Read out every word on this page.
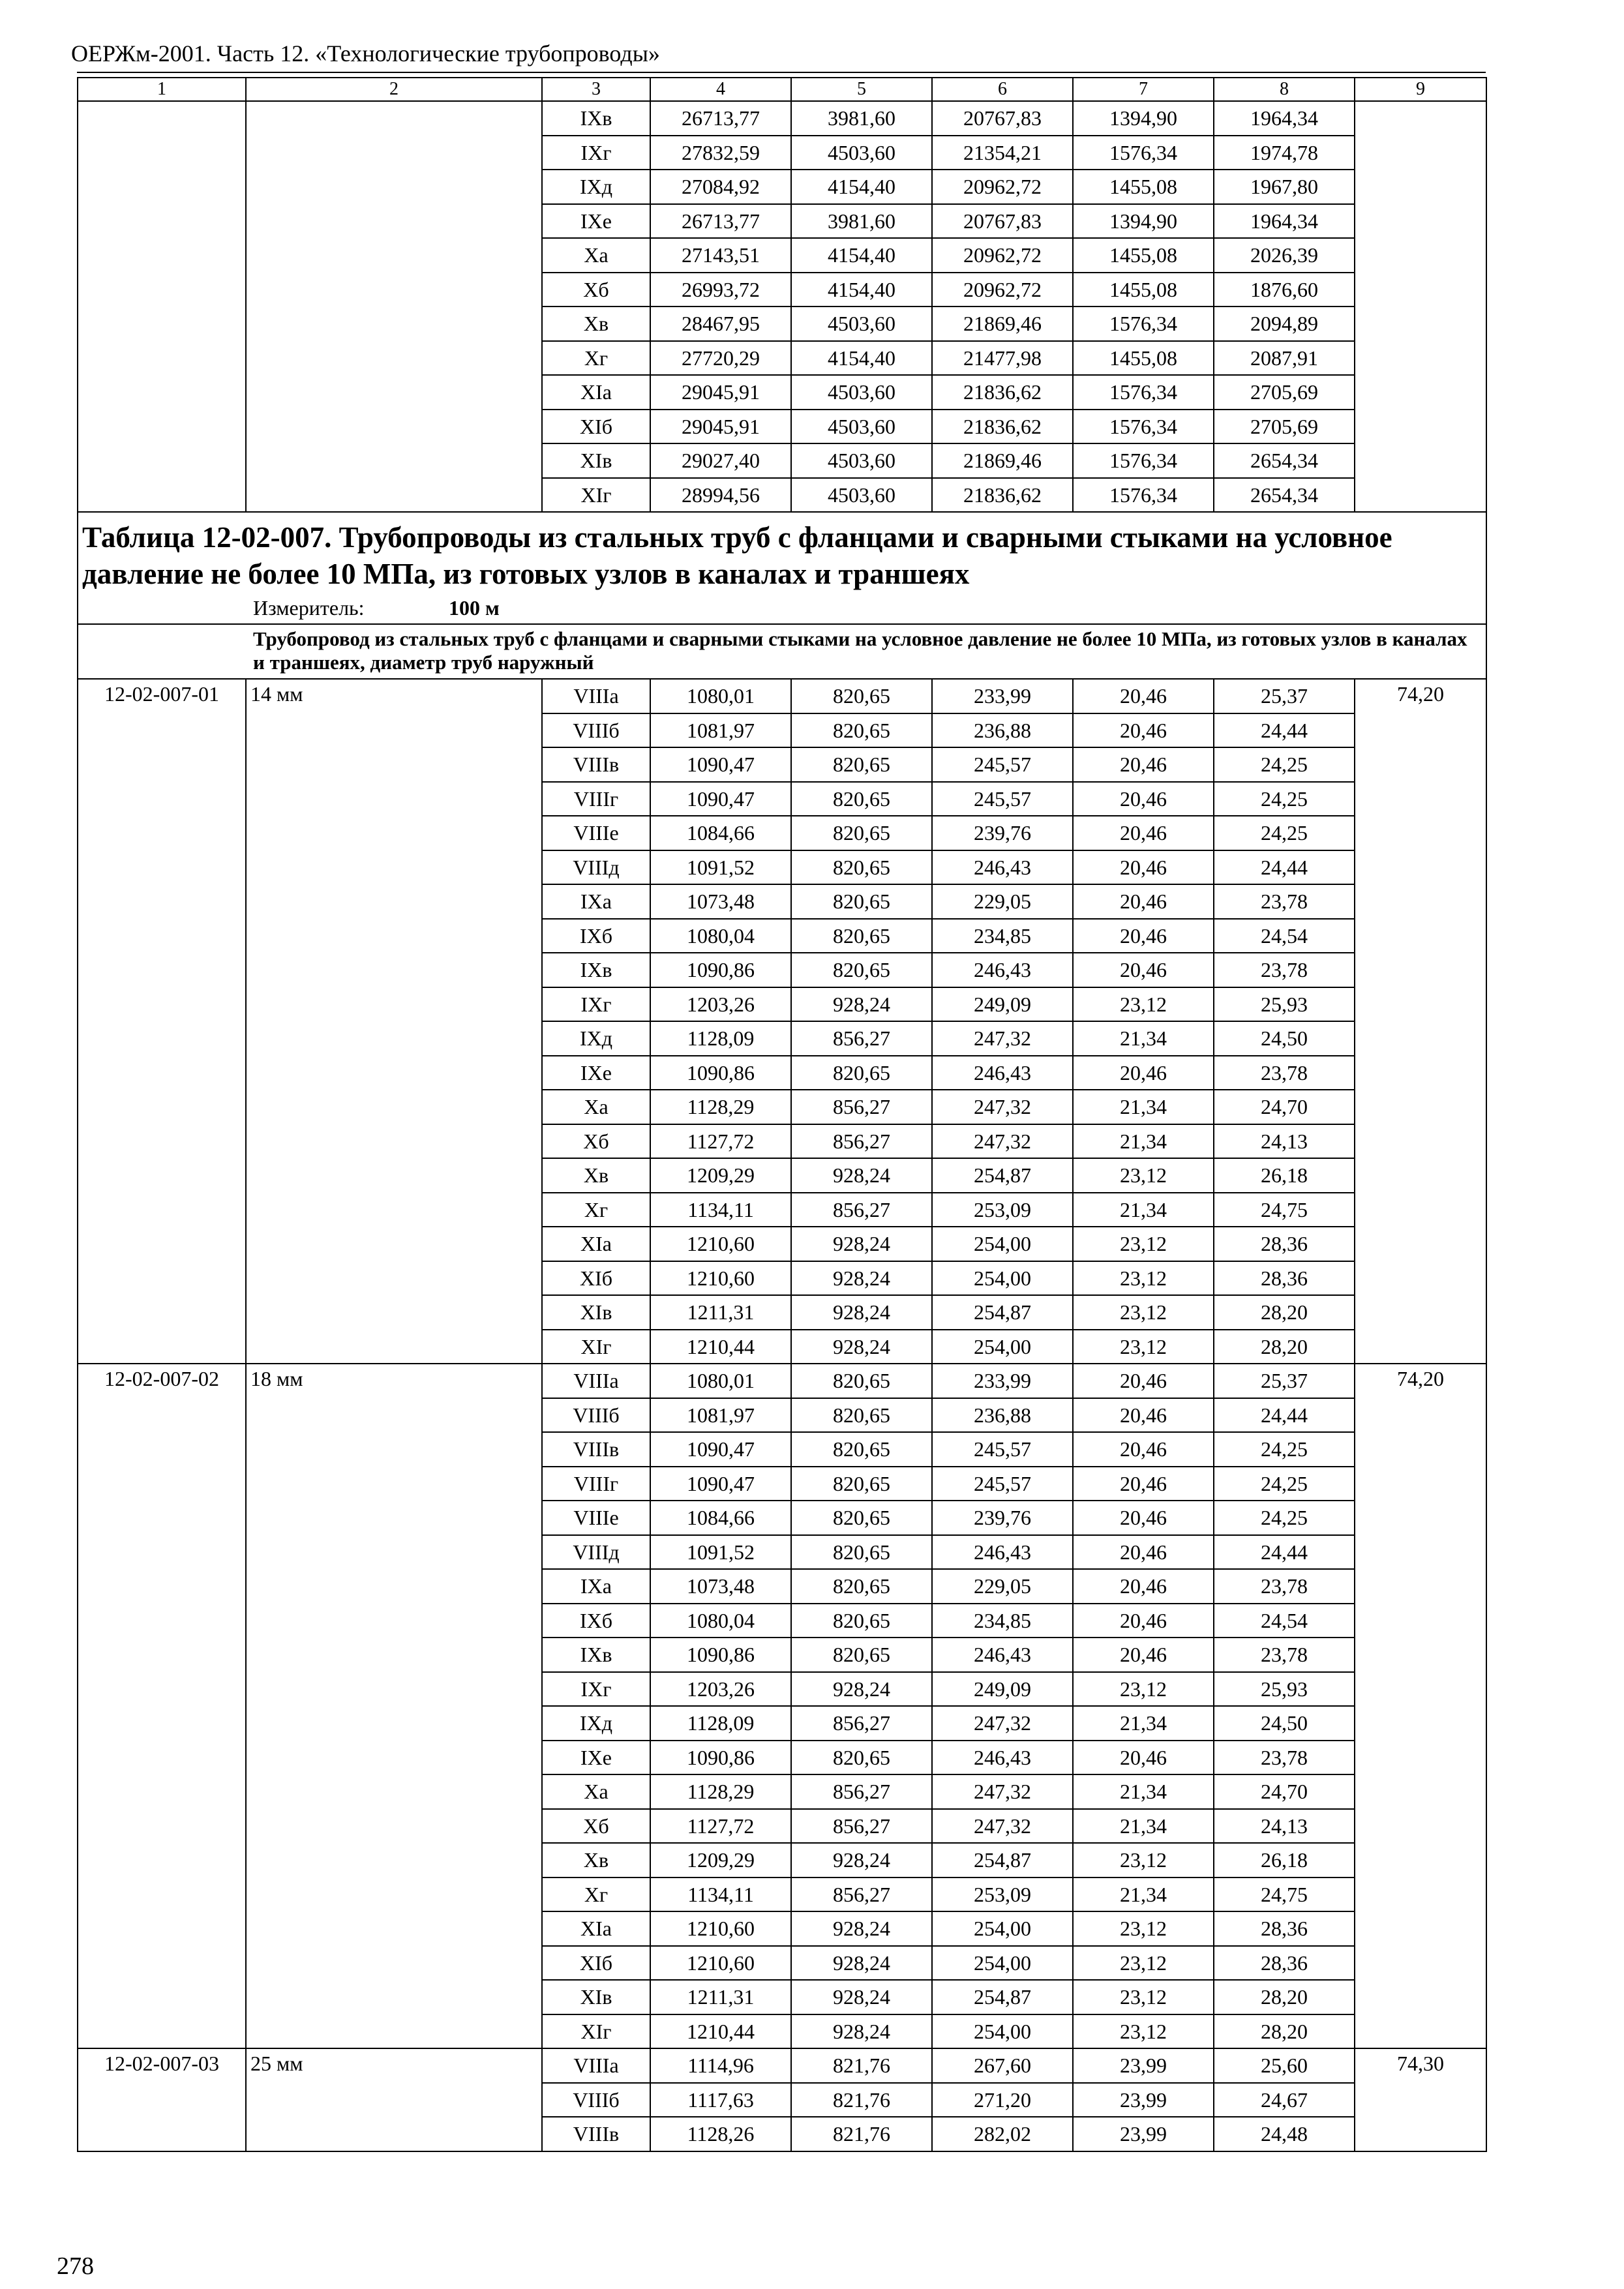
ОЕРЖм-2001. Часть 12. «Технологические трубопроводы»
1	2	3	4	5	6	7	8	9
		IXв	26713,77	3981,60	20767,83	1394,90	1964,34	
		IXг	27832,59	4503,60	21354,21	1576,34	1974,78	
		IXд	27084,92	4154,40	20962,72	1455,08	1967,80	
		IXе	26713,77	3981,60	20767,83	1394,90	1964,34	
		Xа	27143,51	4154,40	20962,72	1455,08	2026,39	
		Xб	26993,72	4154,40	20962,72	1455,08	1876,60	
		Xв	28467,95	4503,60	21869,46	1576,34	2094,89	
		Xг	27720,29	4154,40	21477,98	1455,08	2087,91	
		XIа	29045,91	4503,60	21836,62	1576,34	2705,69	
		XIб	29045,91	4503,60	21836,62	1576,34	2705,69	
		XIв	29027,40	4503,60	21869,46	1576,34	2654,34	
		XIг	28994,56	4503,60	21836,62	1576,34	2654,34	

Таблица 12-02-007. Трубопроводы из стальных труб с фланцами и сварными стыками на условное давление не более 10 МПа, из готовых узлов в каналах и траншеях
Измеритель: 100 м								

Трубопровод из стальных труб с фланцами и сварными стыками на условное давление не более 10 МПа, из готовых узлов в каналах и траншеях, диаметр труб наружный								

12-02-007-01	14 мм	VIIIа	1080,01	820,65	233,99	20,46	25,37	74,20
		VIIIб	1081,97	820,65	236,88	20,46	24,44	
		VIIIв	1090,47	820,65	245,57	20,46	24,25	
		VIIIг	1090,47	820,65	245,57	20,46	24,25	
		VIIIе	1084,66	820,65	239,76	20,46	24,25	
		VIIIд	1091,52	820,65	246,43	20,46	24,44	
		IXа	1073,48	820,65	229,05	20,46	23,78	
		IXб	1080,04	820,65	234,85	20,46	24,54	
		IXв	1090,86	820,65	246,43	20,46	23,78	
		IXг	1203,26	928,24	249,09	23,12	25,93	
		IXд	1128,09	856,27	247,32	21,34	24,50	
		IXе	1090,86	820,65	246,43	20,46	23,78	
		Xа	1128,29	856,27	247,32	21,34	24,70	
		Xб	1127,72	856,27	247,32	21,34	24,13	
		Xв	1209,29	928,24	254,87	23,12	26,18	
		Xг	1134,11	856,27	253,09	21,34	24,75	
		XIа	1210,60	928,24	254,00	23,12	28,36	
		XIб	1210,60	928,24	254,00	23,12	28,36	
		XIв	1211,31	928,24	254,87	23,12	28,20	
		XIг	1210,44	928,24	254,00	23,12	28,20	
12-02-007-02	18 мм	VIIIа	1080,01	820,65	233,99	20,46	25,37	74,20
		VIIIб	1081,97	820,65	236,88	20,46	24,44	
		VIIIв	1090,47	820,65	245,57	20,46	24,25	
		VIIIг	1090,47	820,65	245,57	20,46	24,25	
		VIIIе	1084,66	820,65	239,76	20,46	24,25	
		VIIIд	1091,52	820,65	246,43	20,46	24,44	
		IXа	1073,48	820,65	229,05	20,46	23,78	
		IXб	1080,04	820,65	234,85	20,46	24,54	
		IXв	1090,86	820,65	246,43	20,46	23,78	
		IXг	1203,26	928,24	249,09	23,12	25,93	
		IXд	1128,09	856,27	247,32	21,34	24,50	
		IXе	1090,86	820,65	246,43	20,46	23,78	
		Xа	1128,29	856,27	247,32	21,34	24,70	
		Xб	1127,72	856,27	247,32	21,34	24,13	
		Xв	1209,29	928,24	254,87	23,12	26,18	
		Xг	1134,11	856,27	253,09	21,34	24,75	
		XIа	1210,60	928,24	254,00	23,12	28,36	
		XIб	1210,60	928,24	254,00	23,12	28,36	
		XIв	1211,31	928,24	254,87	23,12	28,20	
		XIг	1210,44	928,24	254,00	23,12	28,20	
12-02-007-03	25 мм	VIIIа	1114,96	821,76	267,60	23,99	25,60	74,30
		VIIIб	1117,63	821,76	271,20	23,99	24,67	
		VIIIв	1128,26	821,76	282,02	23,99	24,48	
278
